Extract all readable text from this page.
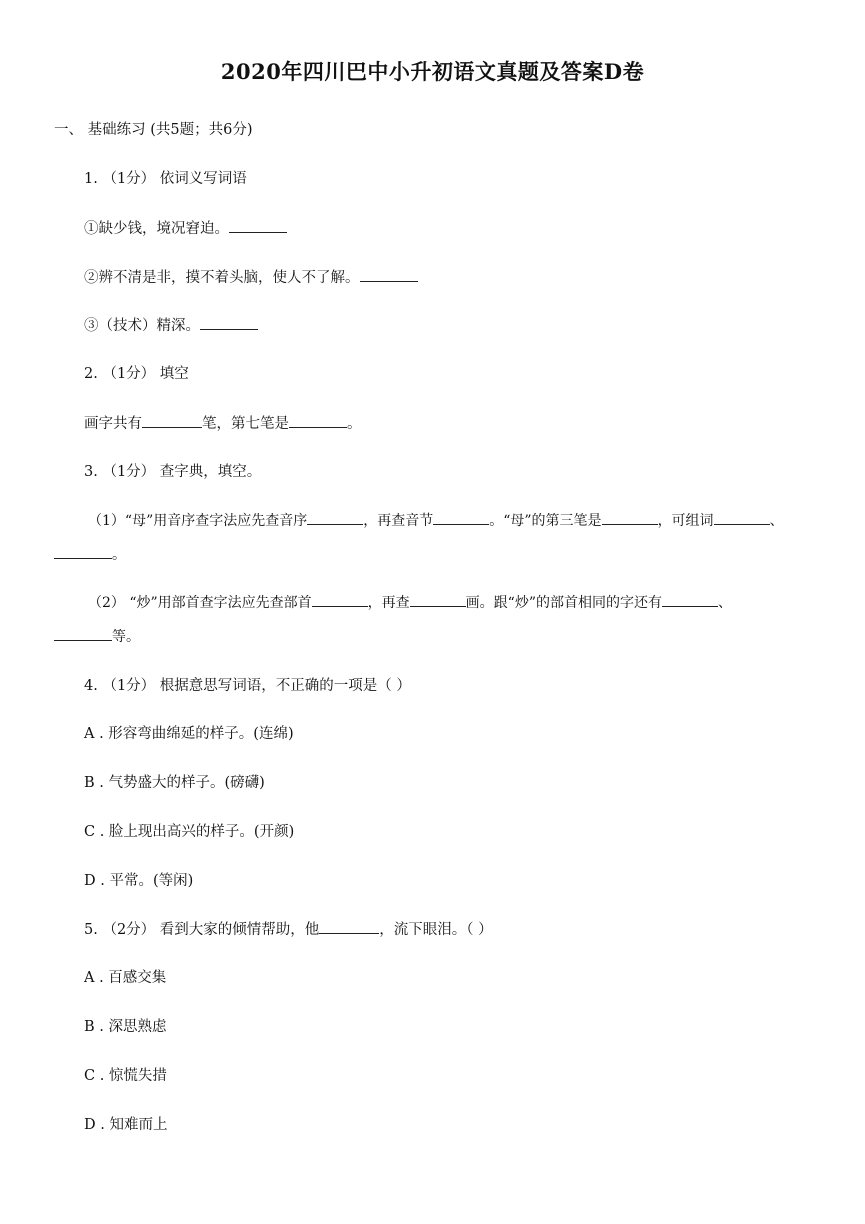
2020年四川巴中小升初语文真题及答案D卷
一、 基础练习 (共5题；共6分)
1. （1分） 依词义写词语
①缺少钱，境况窘迫。
②辨不清是非，摸不着头脑，使人不了解。
③（技术）精深。
2. （1分） 填空
画字共有	笔，第七笔是	。
3. （1分） 查字典，填空。
（1）“母”用音序查字法应先查音序	，再查音节	。“母”的第三笔是	，可组词	、
。
（2） “炒”用部首查字法应先查部首	，再查	画。跟“炒”的部首相同的字还有	、
等。
4. （1分） 根据意思写词语，不正确的一项是（ ）
A . 形容弯曲绵延的样子。(连绵)
B . 气势盛大的样子。(磅礴)
C . 脸上现出高兴的样子。(开颜)
D . 平常。(等闲)
5. （2分） 看到大家的倾情帮助，他	，流下眼泪。（ ）
A . 百感交集
B . 深思熟虑
C . 惊慌失措
D . 知难而上
